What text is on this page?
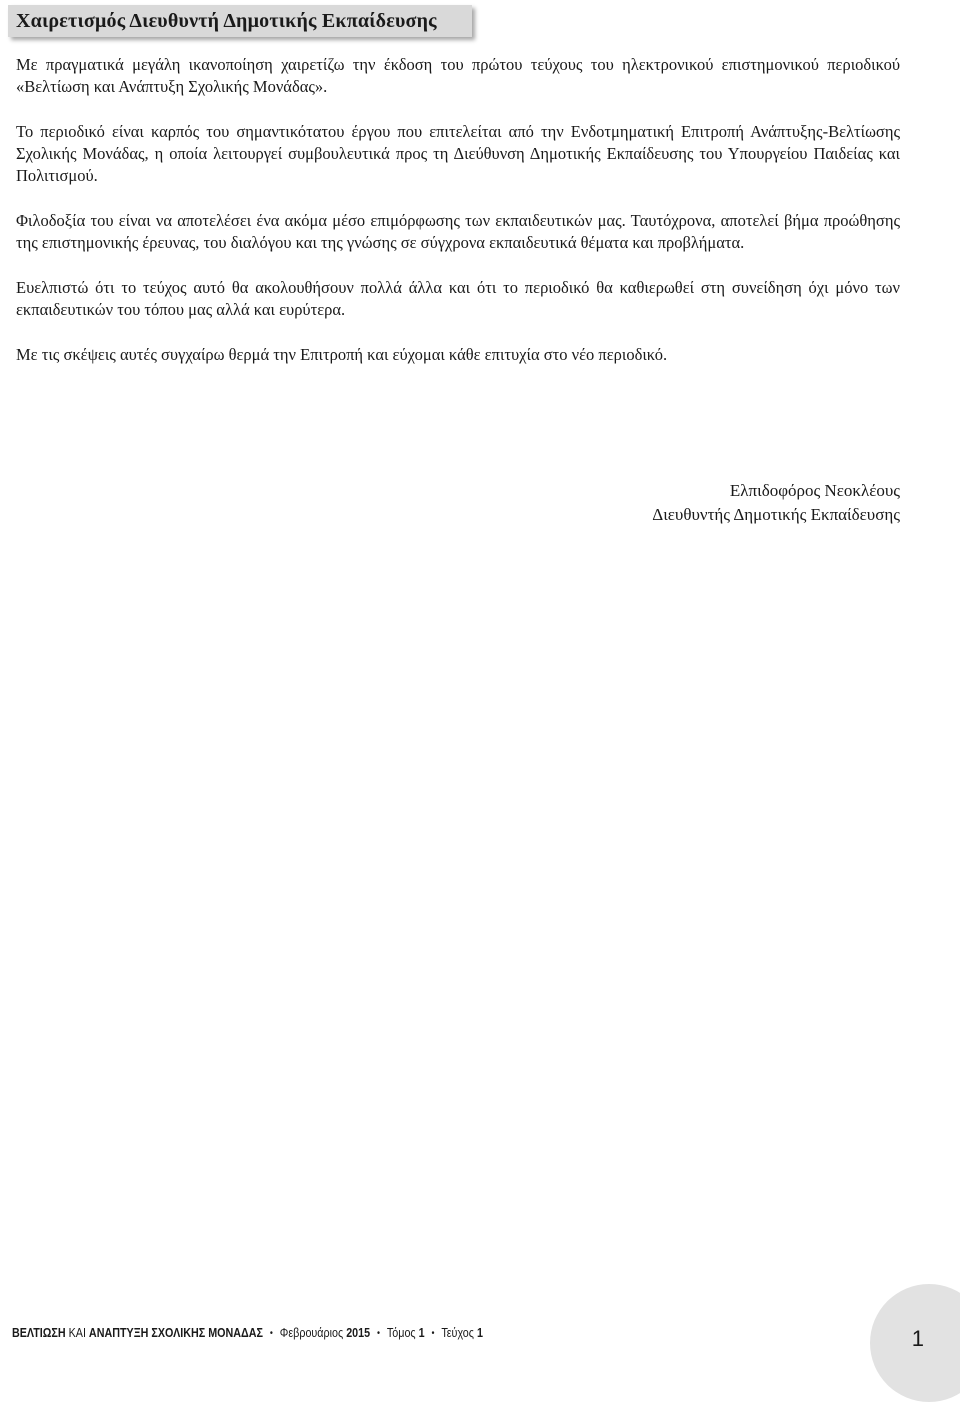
Χαιρετισμός Διευθυντή Δημοτικής Εκπαίδευσης

Με πραγματικά μεγάλη ικανοποίηση χαιρετίζω την έκδοση του πρώτου τεύχους του ηλεκτρονικού επιστημονικού περιοδικού «Βελτίωση και Ανάπτυξη Σχολικής Μονάδας».

Το περιοδικό είναι καρπός του σημαντικότατου έργου που επιτελείται από την Ενδοτμηματική Επιτροπή Ανάπτυξης-Βελτίωσης Σχολικής Μονάδας, η οποία λειτουργεί συμβουλευτικά προς τη Διεύθυνση Δημοτικής Εκπαίδευσης του Υπουργείου Παιδείας και Πολιτισμού.

Φιλοδοξία του είναι να αποτελέσει ένα ακόμα μέσο επιμόρφωσης των εκπαιδευτικών μας. Ταυτόχρονα, αποτελεί βήμα προώθησης της επιστημονικής έρευνας, του διαλόγου και της γνώσης σε σύγχρονα εκπαιδευτικά θέματα και προβλήματα.

Ευελπιστώ ότι το τεύχος αυτό θα ακολουθήσουν πολλά άλλα και ότι το περιοδικό θα καθιερωθεί στη συνείδηση όχι μόνο των εκπαιδευτικών του τόπου μας αλλά και ευρύτερα.

Με τις σκέψεις αυτές συγχαίρω θερμά την Επιτροπή και εύχομαι κάθε επιτυχία στο νέο περιοδικό.

Ελπιδοφόρος Νεοκλέους
Διευθυντής Δημοτικής Εκπαίδευσης
ΒΕΛΤΙΩΣΗ ΚΑΙ ΑΝΑΠΤΥΞΗ ΣΧΟΛΙΚΗΣ ΜΟΝΑΔΑΣ • Φεβρουάριος 2015 • Τόμος 1 • Τεύχος 1	1
